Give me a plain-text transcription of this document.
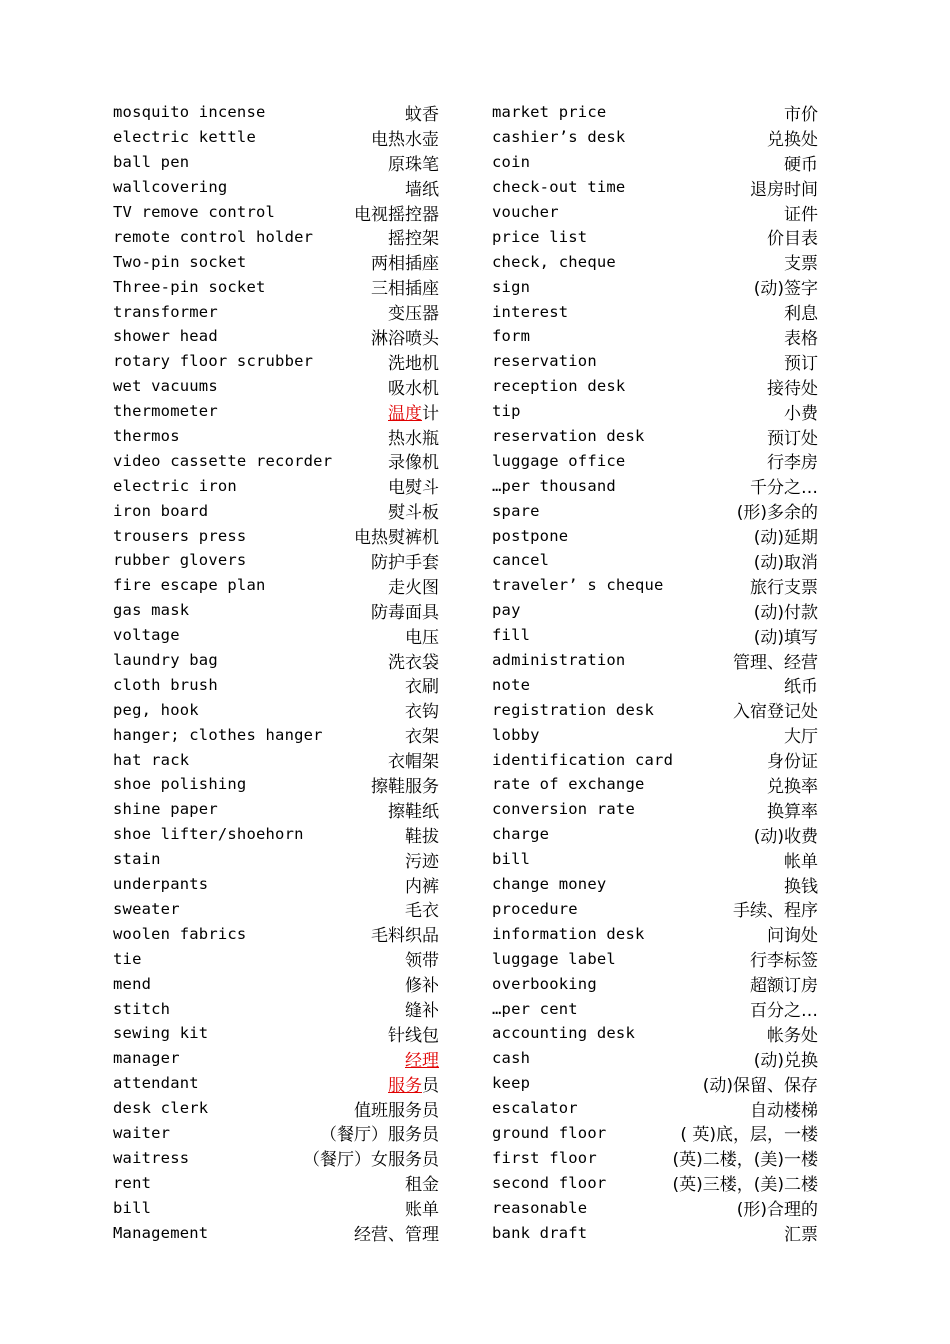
mosquito incense	蚊香
electric kettle	电热水壶
ball pen	原珠笔
wallcovering	墙纸
TV remove control	电视摇控器
remote control holder	摇控架
Two-pin socket	两相插座
Three-pin socket	三相插座
transformer	变压器
shower head	淋浴喷头
rotary floor scrubber	洗地机
wet vacuums	吸水机
thermometer	温度计
thermos	热水瓶
video cassette recorder	录像机
electric iron	电熨斗
iron board	熨斗板
trousers press	电热熨裤机
rubber glovers	防护手套
fire escape plan	走火图
gas mask	防毒面具
voltage	电压
laundry bag	洗衣袋
cloth brush	衣刷
peg, hook	衣钩
hanger; clothes hanger	衣架
hat rack	衣帽架
shoe polishing	擦鞋服务
shine paper	擦鞋纸
shoe lifter/shoehorn	鞋拔
stain	污迹
underpants	内裤
sweater	毛衣
woolen fabrics	毛料织品
tie	领带
mend	修补
stitch	缝补
sewing kit	针线包
manager	经理
attendant	服务员
desk clerk	值班服务员
waiter	（餐厅）服务员
waitress	（餐厅）女服务员
rent	租金
bill	账单
Management	经营、管理
market price	市价
cashier’s desk	兑换处
coin	硬币
check-out time	退房时间
voucher	证件
price list	价目表
check, cheque	支票
sign	(动)签字
interest	利息
form	表格
reservation	预订
reception desk	接待处
tip	小费
reservation desk	预订处
luggage office	行李房
…per thousand	千分之…
spare	(形)多余的
postpone	(动)延期
cancel	(动)取消
traveler’ s cheque	旅行支票
pay	(动)付款
fill	(动)填写
administration	管理、经营
note	纸币
registration desk	入宿登记处
lobby	大厅
identification card	身份证
rate of exchange	兑换率
conversion rate	换算率
charge	(动)收费
bill	帐单
change money	换钱
procedure	手续、程序
information desk	问询处
luggage label	行李标签
overbooking	超额订房
…per cent	百分之…
accounting desk	帐务处
cash	(动)兑换
keep	(动)保留、保存
escalator	自动楼梯
ground floor	( 英)底，层，一楼
first floor	(英)二楼，(美)一楼
second floor	(英)三楼，(美)二楼
reasonable	(形)合理的
bank draft	汇票
